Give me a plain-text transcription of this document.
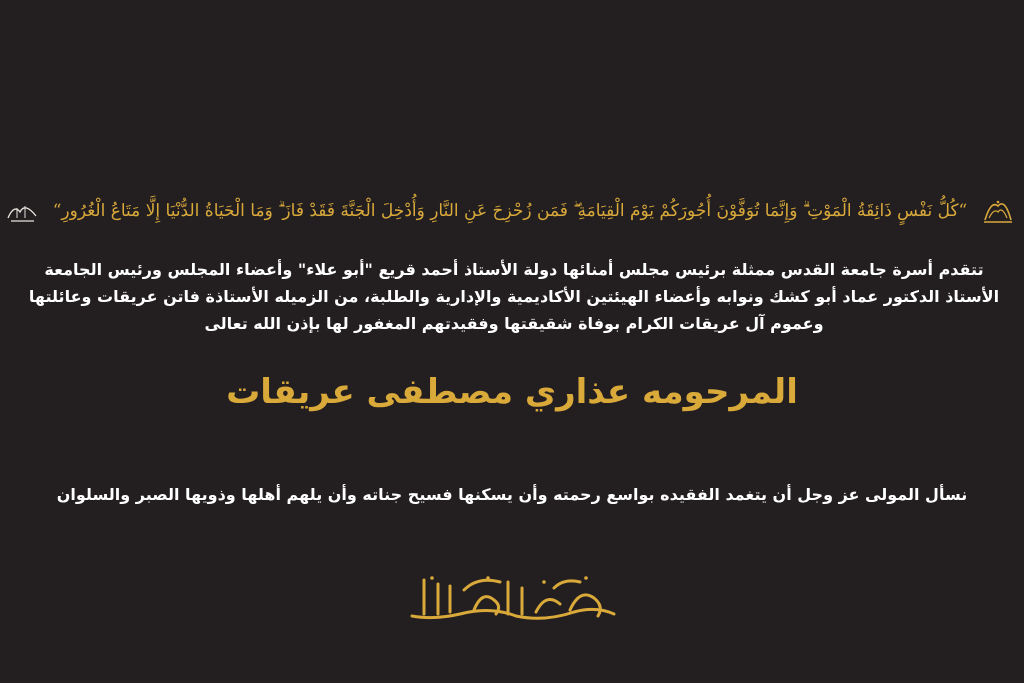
“كُلُّ نَفْسٍ ذَائِقَةُ الْمَوْتِ ۗ وَإِنَّمَا تُوَفَّوْنَ أُجُورَكُمْ يَوْمَ الْقِيَامَةِ ۖ فَمَن زُحْزِحَ عَنِ النَّارِ وَأُدْخِلَ الْجَنَّةَ فَقَدْ فَازَ ۗ وَمَا الْحَيَاةُ الدُّنْيَا إِلَّا مَتَاعُ الْغُرُورِ“
تتقدم أسرة جامعة القدس ممثلة برئيس مجلس أمنائها دولة الأستاذ أحمد قريع "أبو علاء" وأعضاء المجلس ورئيس الجامعة الأستاذ الدكتور عماد أبو كشك ونوابه وأعضاء الهيئتين الأكاديمية والإدارية والطلبة، من الزميله الأستاذة فاتن عريقات وعائلتها وعموم آل عريقات الكرام بوفاة شقيقتها وفقيدتهم المغفور لها بإذن الله تعالى
المرحومه عذاري مصطفى عريقات
نسأل المولى عز وجل أن يتغمد الفقيده بواسع رحمته وأن يسكنها فسيح جناته وأن يلهم أهلها وذويها الصبر والسلوان
